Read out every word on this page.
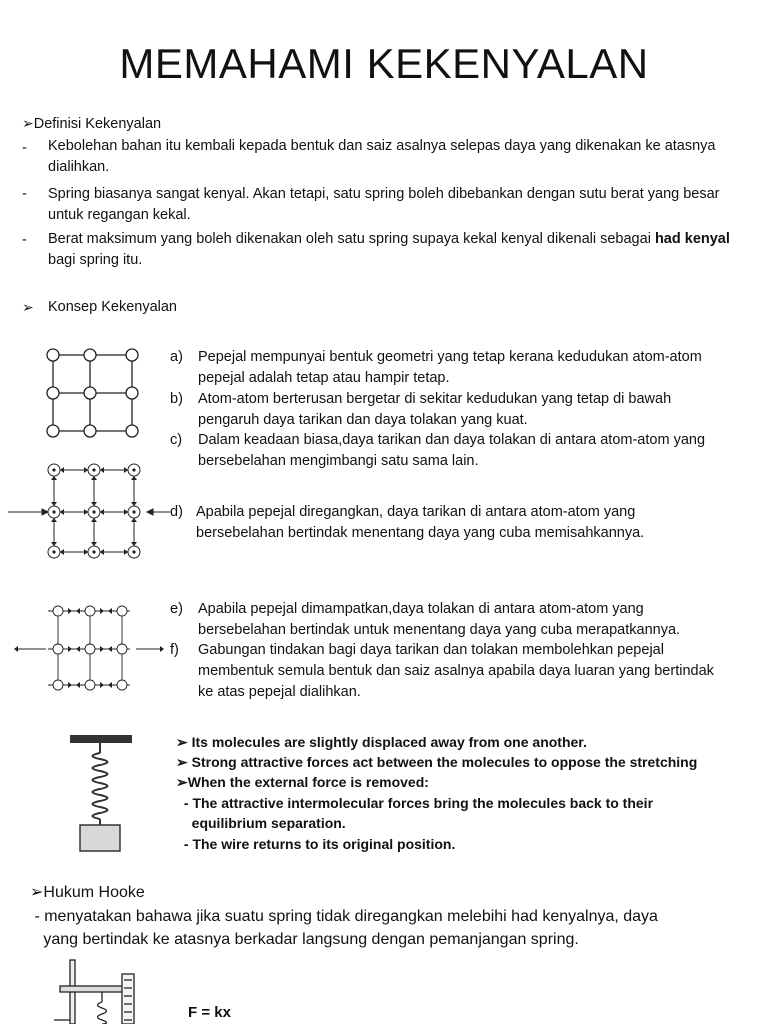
MEMAHAMI KEKENYALAN
➢Definisi Kekenyalan
- Kebolehan bahan itu kembali kepada bentuk dan saiz asalnya selepas daya yang dikenakan ke atasnya dialihkan.
- Spring biasanya sangat kenyal. Akan tetapi, satu spring boleh dibebankan dengan sutu berat yang besar untuk regangan kekal.
- Berat maksimum yang boleh dikenakan oleh satu spring supaya kekal kenyal dikenali sebagai had kenyal bagi spring itu.
➢ Konsep Kekenyalan
a) Pepejal mempunyai bentuk geometri yang tetap kerana kedudukan atom-atom pepejal adalah tetap atau hampir tetap.
b) Atom-atom berterusan bergetar di sekitar kedudukan yang tetap di bawah pengaruh daya tarikan dan daya tolakan yang kuat.
c) Dalam keadaan biasa,daya tarikan dan daya tolakan di antara atom-atom yang bersebelahan mengimbangi satu sama lain.
d) Apabila pepejal diregangkan, daya tarikan di antara atom-atom yang bersebelahan bertindak menentang daya yang cuba memisahkannya.
e) Apabila pepejal dimampatkan,daya tolakan di antara atom-atom yang bersebelahan bertindak untuk menentang daya yang cuba merapatkannya.
f) Gabungan tindakan bagi daya tarikan dan tolakan membolehkan pepejal membentuk semula bentuk dan saiz asalnya apabila daya luaran yang bertindak ke atas pepejal dialihkan.
➢ Its molecules are slightly displaced away from one another.
➢ Strong attractive forces act between the molecules to oppose the stretching
➢When the external force is removed:
- The attractive intermolecular forces bring the molecules back to their
equilibrium separation.
- The wire returns to its original position.
➢Hukum Hooke
- menyatakan bahawa jika suatu spring tidak diregangkan melebihi had kenyalnya, daya
yang bertindak ke atasnya berkadar langsung dengan pemanjangan spring.
F = kx
